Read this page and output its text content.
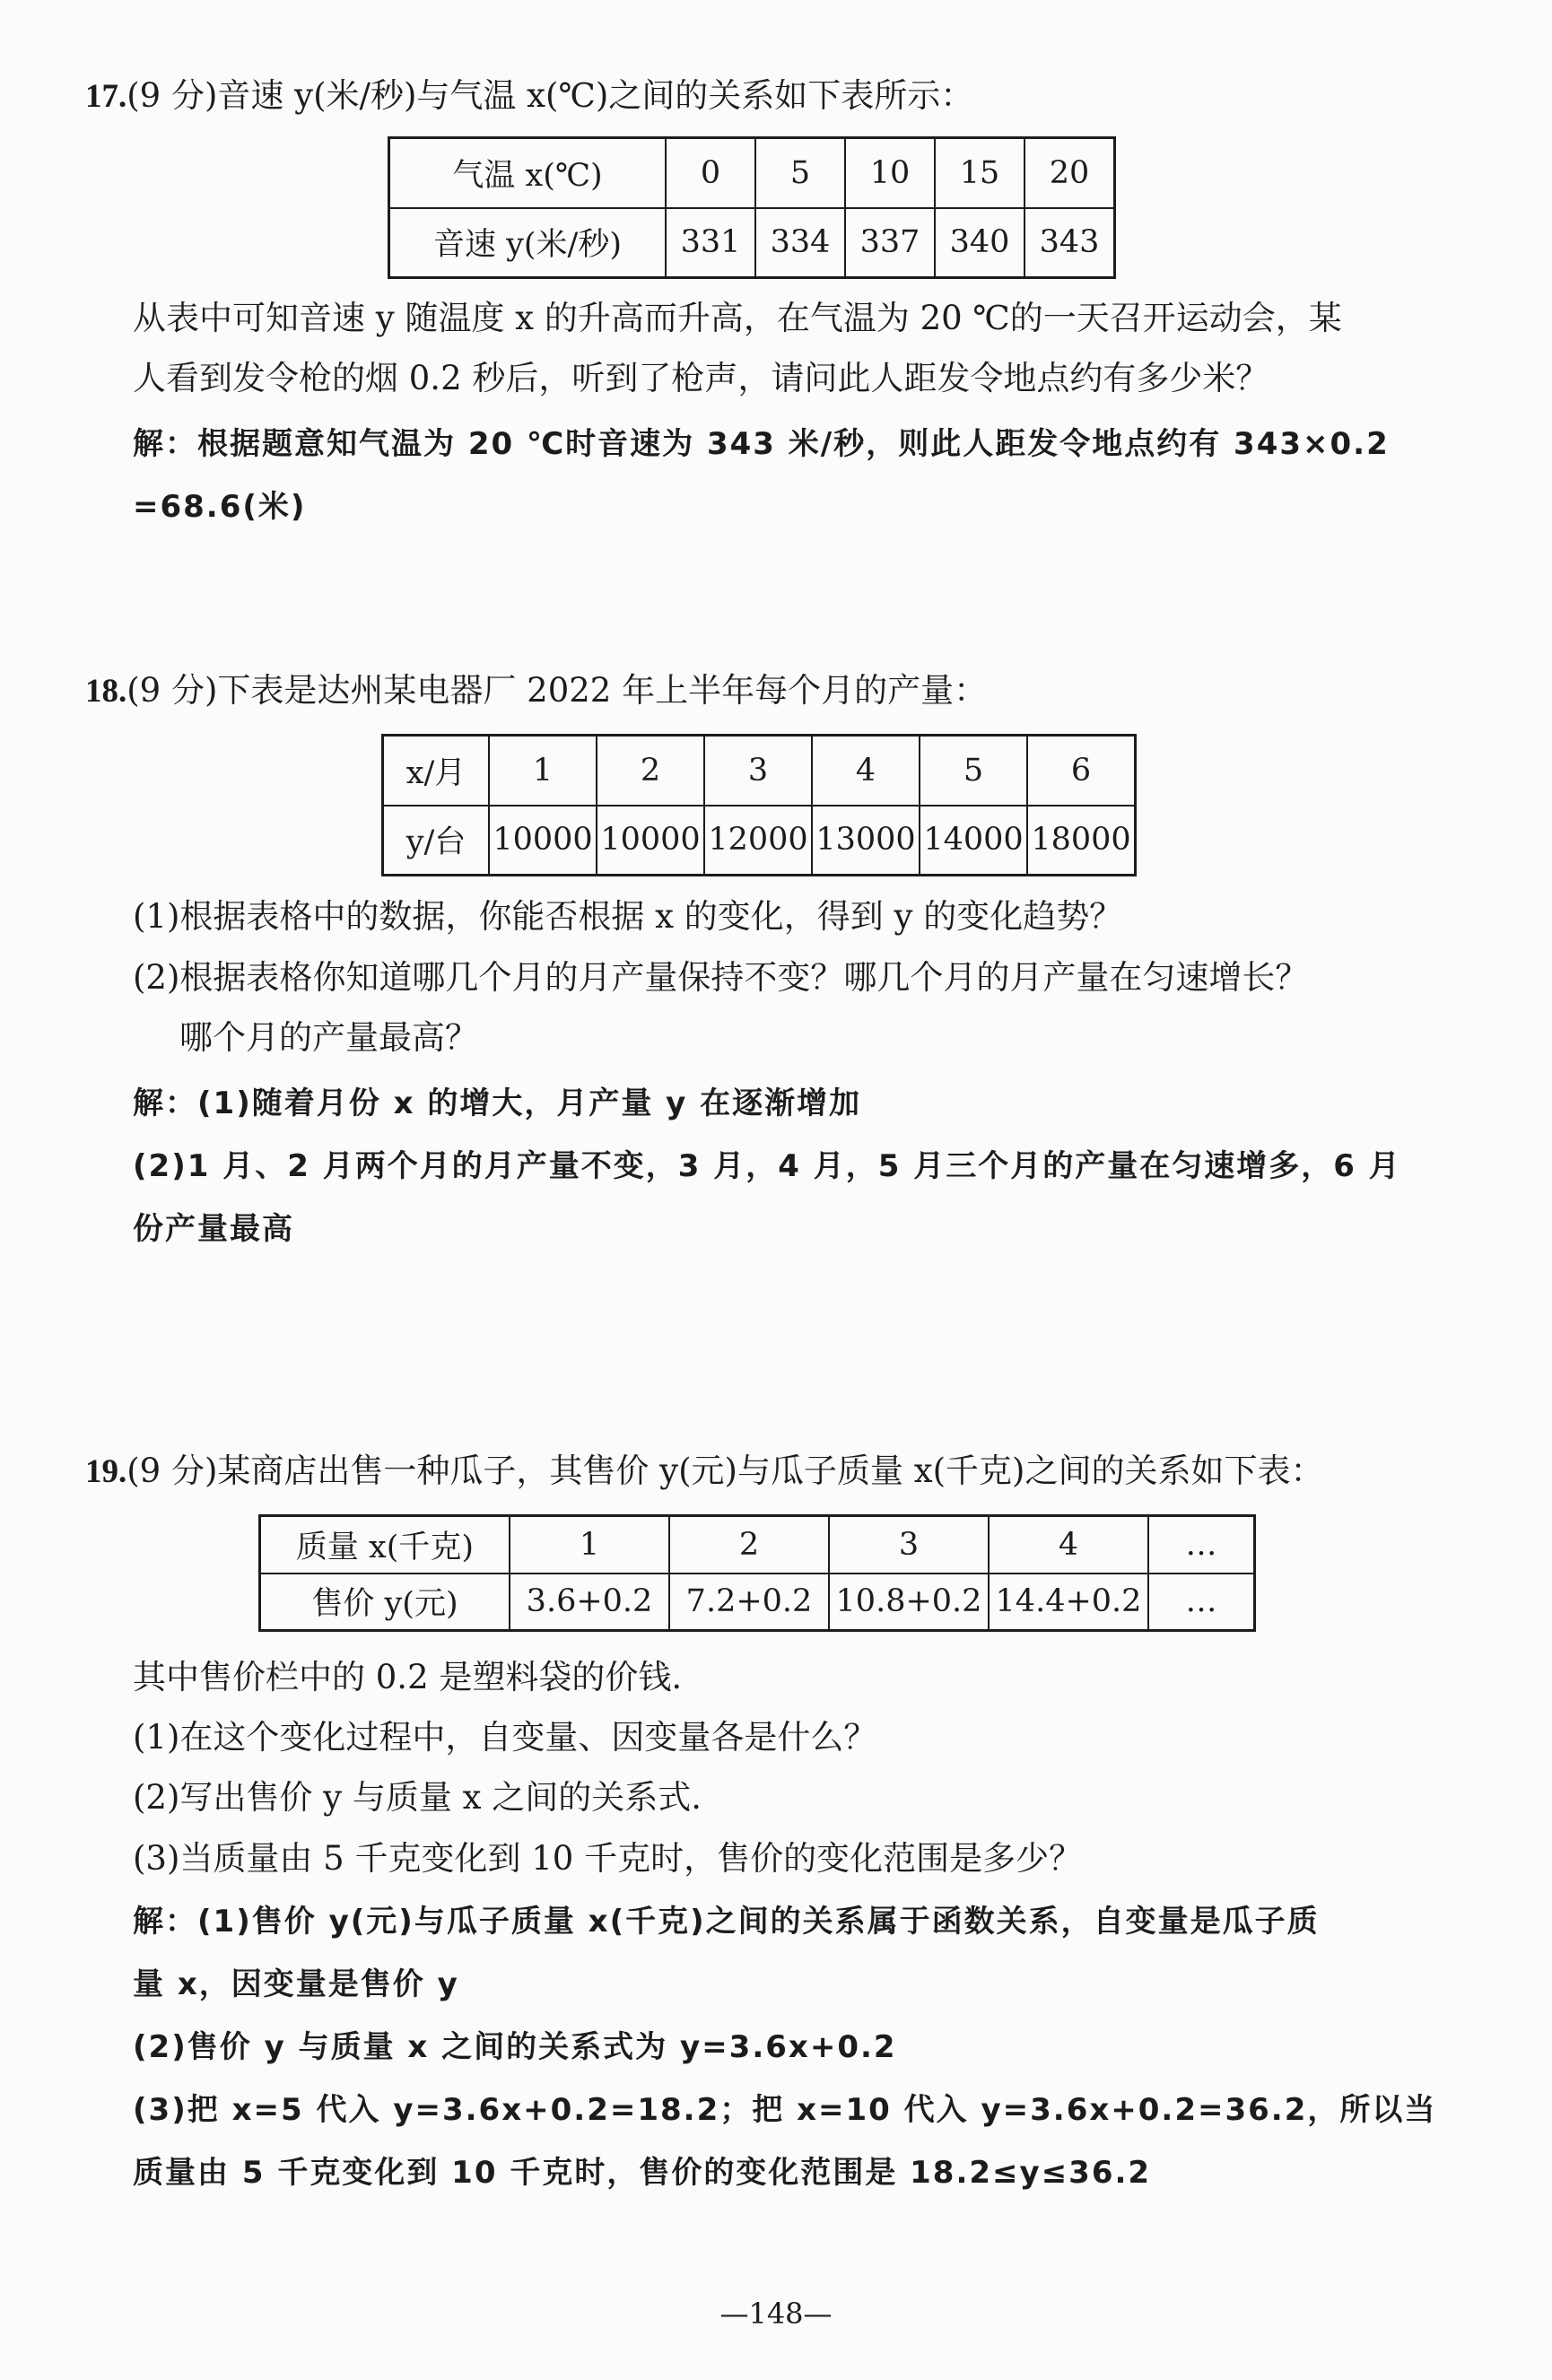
17.(9 分)音速 y(米/秒)与气温 x(℃)之间的关系如下表所示：
气温 x(℃)	0	5	10	15	20
音速 y(米/秒)	331	334	337	340	343
从表中可知音速 y 随温度 x 的升高而升高，在气温为 20 ℃的一天召开运动会，某
人看到发令枪的烟 0.2 秒后，听到了枪声，请问此人距发令地点约有多少米？
解：根据题意知气温为 20 ℃时音速为 343 米/秒，则此人距发令地点约有 343×0.2
=68.6(米)
18.(9 分)下表是达州某电器厂 2022 年上半年每个月的产量：
x/月	1	2	3	4	5	6
y/台	10000	10000	12000	13000	14000	18000
(1)根据表格中的数据，你能否根据 x 的变化，得到 y 的变化趋势？
(2)根据表格你知道哪几个月的月产量保持不变？哪几个月的月产量在匀速增长？
哪个月的产量最高？
解：(1)随着月份 x 的增大，月产量 y 在逐渐增加
(2)1 月、2 月两个月的月产量不变，3 月，4 月，5 月三个月的产量在匀速增多，6 月
份产量最高
19.(9 分)某商店出售一种瓜子，其售价 y(元)与瓜子质量 x(千克)之间的关系如下表：
质量 x(千克)	1	2	3	4	…
售价 y(元)	3.6+0.2	7.2+0.2	10.8+0.2	14.4+0.2	…
其中售价栏中的 0.2 是塑料袋的价钱.
(1)在这个变化过程中，自变量、因变量各是什么？
(2)写出售价 y 与质量 x 之间的关系式.
(3)当质量由 5 千克变化到 10 千克时，售价的变化范围是多少？
解：(1)售价 y(元)与瓜子质量 x(千克)之间的关系属于函数关系，自变量是瓜子质
量 x，因变量是售价 y
(2)售价 y 与质量 x 之间的关系式为 y=3.6x+0.2
(3)把 x=5 代入 y=3.6x+0.2=18.2；把 x=10 代入 y=3.6x+0.2=36.2，所以当
质量由 5 千克变化到 10 千克时，售价的变化范围是 18.2≤y≤36.2
—148—
